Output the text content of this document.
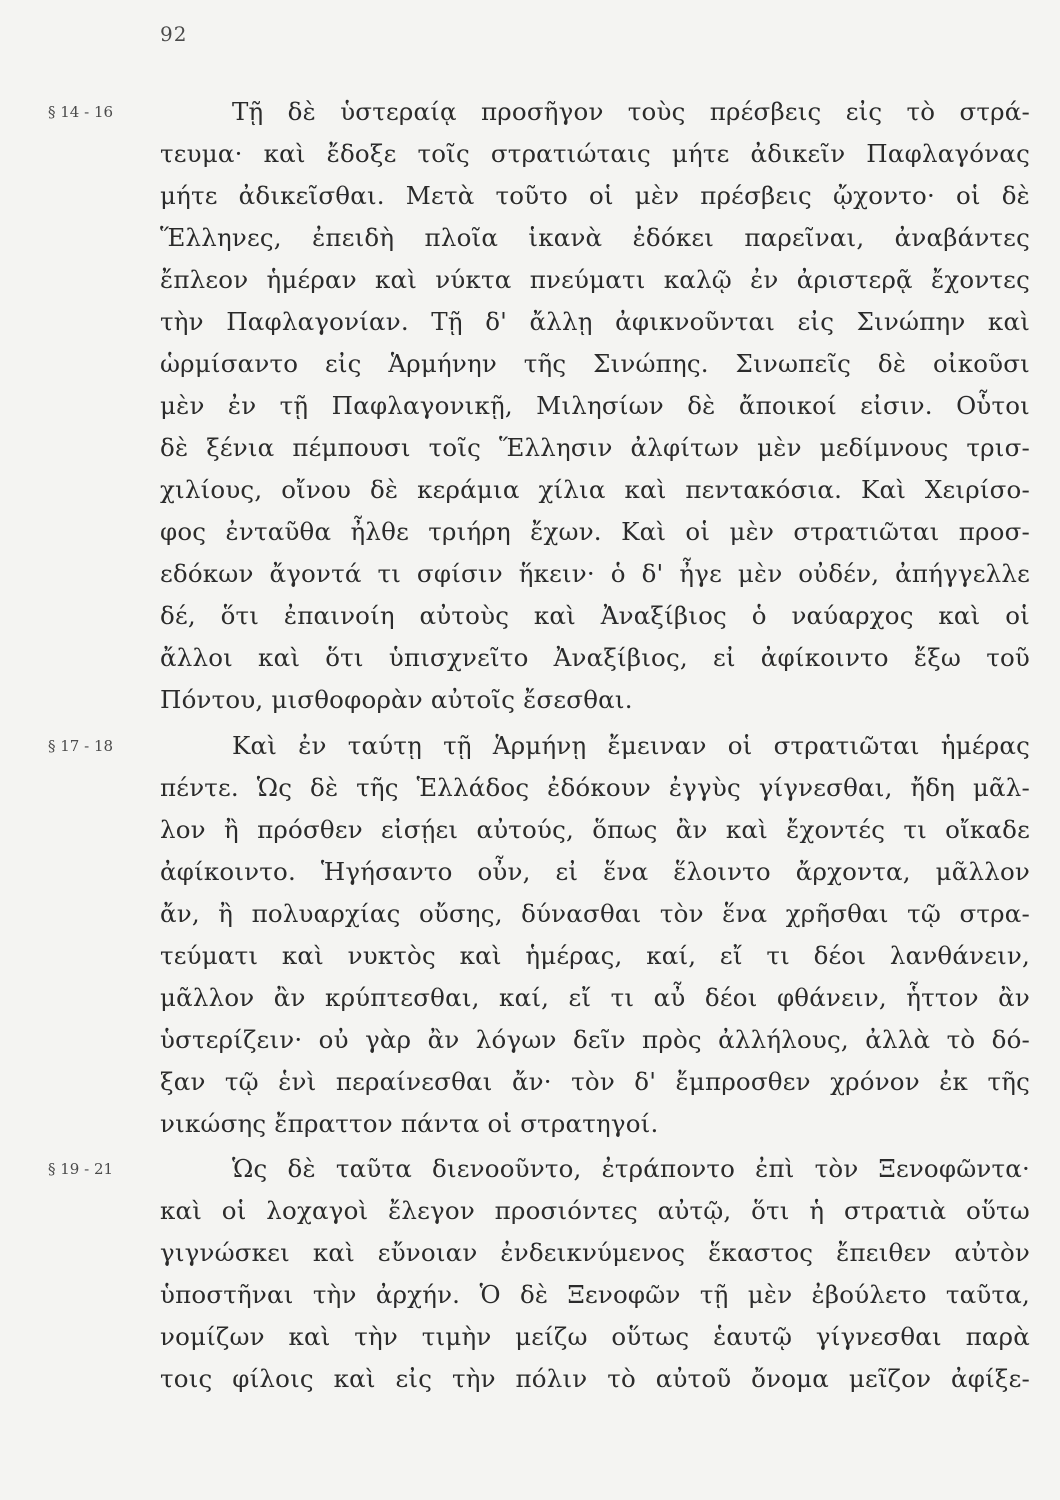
92
§ 14 - 16
§ 17 - 18
§ 19 - 21
Τῇ δὲ ὑστεραίᾳ προσῆγον τοὺς πρέσβεις εἰς τὸ στρά-
τευμα· καὶ ἔδοξε τοῖς στρατιώταις μήτε ἀδικεῖν Παφλαγόνας
μήτε ἀδικεῖσθαι. Μετὰ τοῦτο οἱ μὲν πρέσβεις ᾤχοντο· οἱ δὲ
Ἕλληνες, ἐπειδὴ πλοῖα ἱκανὰ ἐδόκει παρεῖναι, ἀναβάντες
ἔπλεον ἡμέραν καὶ νύκτα πνεύματι καλῷ ἐν ἀριστερᾷ ἔχοντες
τὴν Παφλαγονίαν. Τῇ δ' ἄλλῃ ἀφικνοῦνται εἰς Σινώπην καὶ
ὡρμίσαντο εἰς Ἁρμήνην τῆς Σινώπης. Σινωπεῖς δὲ οἰκοῦσι
μὲν ἐν τῇ Παφλαγονικῇ, Μιλησίων δὲ ἄποικοί εἰσιν. Οὗτοι
δὲ ξένια πέμπουσι τοῖς Ἕλλησιν ἀλφίτων μὲν μεδίμνους τρισ-
χιλίους, οἴνου δὲ κεράμια χίλια καὶ πεντακόσια. Καὶ Χειρίσο-
φος ἐνταῦθα ἦλθε τριήρη ἔχων. Καὶ οἱ μὲν στρατιῶται προσ-
εδόκων ἄγοντά τι σφίσιν ἥκειν· ὁ δ' ἦγε μὲν οὐδέν, ἀπήγγελλε
δέ, ὅτι ἐπαινοίη αὐτοὺς καὶ Ἀναξίβιος ὁ ναύαρχος καὶ οἱ
ἄλλοι καὶ ὅτι ὑπισχνεῖτο Ἀναξίβιος, εἰ ἀφίκοιντο ἔξω τοῦ
Πόντου, μισθοφορὰν αὐτοῖς ἔσεσθαι.
Καὶ ἐν ταύτῃ τῇ Ἁρμήνῃ ἔμειναν οἱ στρατιῶται ἡμέρας
πέντε. Ὡς δὲ τῆς Ἑλλάδος ἐδόκουν ἐγγὺς γίγνεσθαι, ἤδη μᾶλ-
λον ἢ πρόσθεν εἰσῄει αὐτούς, ὅπως ἂν καὶ ἔχοντές τι οἴκαδε
ἀφίκοιντο. Ἡγήσαντο οὖν, εἰ ἕνα ἕλοιντο ἄρχοντα, μᾶλλον
ἄν, ἢ πολυαρχίας οὔσης, δύνασθαι τὸν ἕνα χρῆσθαι τῷ στρα-
τεύματι καὶ νυκτὸς καὶ ἡμέρας, καί, εἴ τι δέοι λανθάνειν,
μᾶλλον ἂν κρύπτεσθαι, καί, εἴ τι αὖ δέοι φθάνειν, ἧττον ἂν
ὑστερίζειν· οὐ γὰρ ἂν λόγων δεῖν πρὸς ἀλλήλους, ἀλλὰ τὸ δό-
ξαν τῷ ἑνὶ περαίνεσθαι ἄν· τὸν δ' ἔμπροσθεν χρόνον ἐκ τῆς
νικώσης ἔπραττον πάντα οἱ στρατηγοί.
Ὡς δὲ ταῦτα διενοοῦντο, ἐτράποντο ἐπὶ τὸν Ξενοφῶντα·
καὶ οἱ λοχαγοὶ ἔλεγον προσιόντες αὐτῷ, ὅτι ἡ στρατιὰ οὕτω
γιγνώσκει καὶ εὔνοιαν ἐνδεικνύμενος ἕκαστος ἔπειθεν αὐτὸν
ὑποστῆναι τὴν ἀρχήν. Ὁ δὲ Ξενοφῶν τῇ μὲν ἐβούλετο ταῦτα,
νομίζων καὶ τὴν τιμὴν μείζω οὕτως ἑαυτῷ γίγνεσθαι παρὰ
τοις φίλοις καὶ εἰς τὴν πόλιν τὸ αὐτοῦ ὄνομα μεῖζον ἀφίξε-
